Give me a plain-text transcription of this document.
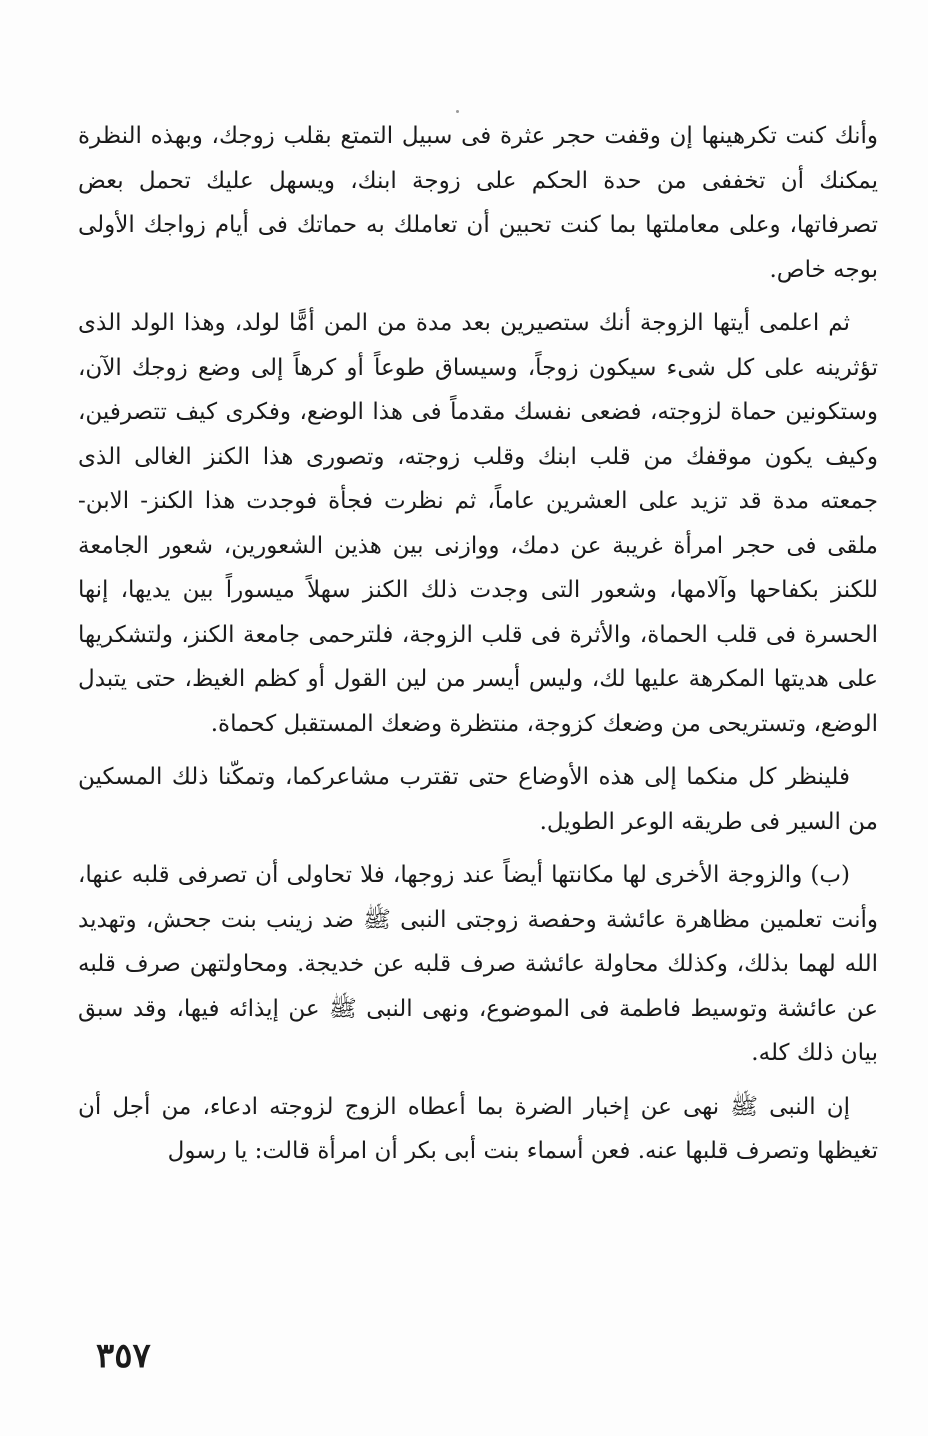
وأنك كنت تكرهينها إن وقفت حجر عثرة فى سبيل التمتع بقلب زوجك، وبهذه النظرة يمكنك أن تخففى من حدة الحكم على زوجة ابنك، ويسهل عليك تحمل بعض تصرفاتها، وعلى معاملتها بما كنت تحبين أن تعاملك به حماتك فى أيام زواجك الأولى بوجه خاص.

ثم اعلمى أيتها الزوجة أنك ستصيرين بعد مدة من المن أمًّا لولد، وهذا الولد الذى تؤثرينه على كل شىء سيكون زوجاً، وسيساق طوعاً أو كرهاً إلى وضع زوجك الآن، وستكونين حماة لزوجته، فضعى نفسك مقدماً فى هذا الوضع، وفكرى كيف تتصرفين، وكيف يكون موقفك من قلب ابنك وقلب زوجته، وتصورى هذا الكنز الغالى الذى جمعته مدة قد تزيد على العشرين عاماً، ثم نظرت فجأة فوجدت هذا الكنز- الابن- ملقى فى حجر امرأة غريبة عن دمك، ووازنى بين هذين الشعورين، شعور الجامعة للكنز بكفاحها وآلامها، وشعور التى وجدت ذلك الكنز سهلاً ميسوراً بين يديها، إنها الحسرة فى قلب الحماة، والأثرة فى قلب الزوجة، فلترحمى جامعة الكنز، ولتشكريها على هديتها المكرهة عليها لك، وليس أيسر من لين القول أو كظم الغيظ، حتى يتبدل الوضع، وتستريحى من وضعك كزوجة، منتظرة وضعك المستقبل كحماة.

فلينظر كل منكما إلى هذه الأوضاع حتى تقترب مشاعركما، وتمكّنا ذلك المسكين من السير فى طريقه الوعر الطويل.

(ب) والزوجة الأخرى لها مكانتها أيضاً عند زوجها، فلا تحاولى أن تصرفى قلبه عنها، وأنت تعلمين مظاهرة عائشة وحفصة زوجتى النبى ﷺ ضد زينب بنت جحش، وتهديد الله لهما بذلك، وكذلك محاولة عائشة صرف قلبه عن خديجة. ومحاولتهن صرف قلبه عن عائشة وتوسيط فاطمة فى الموضوع، ونهى النبى ﷺ عن إيذائه فيها، وقد سبق بيان ذلك كله.

إن النبى ﷺ نهى عن إخبار الضرة بما أعطاه الزوج لزوجته ادعاء، من أجل أن تغيظها وتصرف قلبها عنه. فعن أسماء بنت أبى بكر أن امرأة قالت: يا رسول

٣٥٧
